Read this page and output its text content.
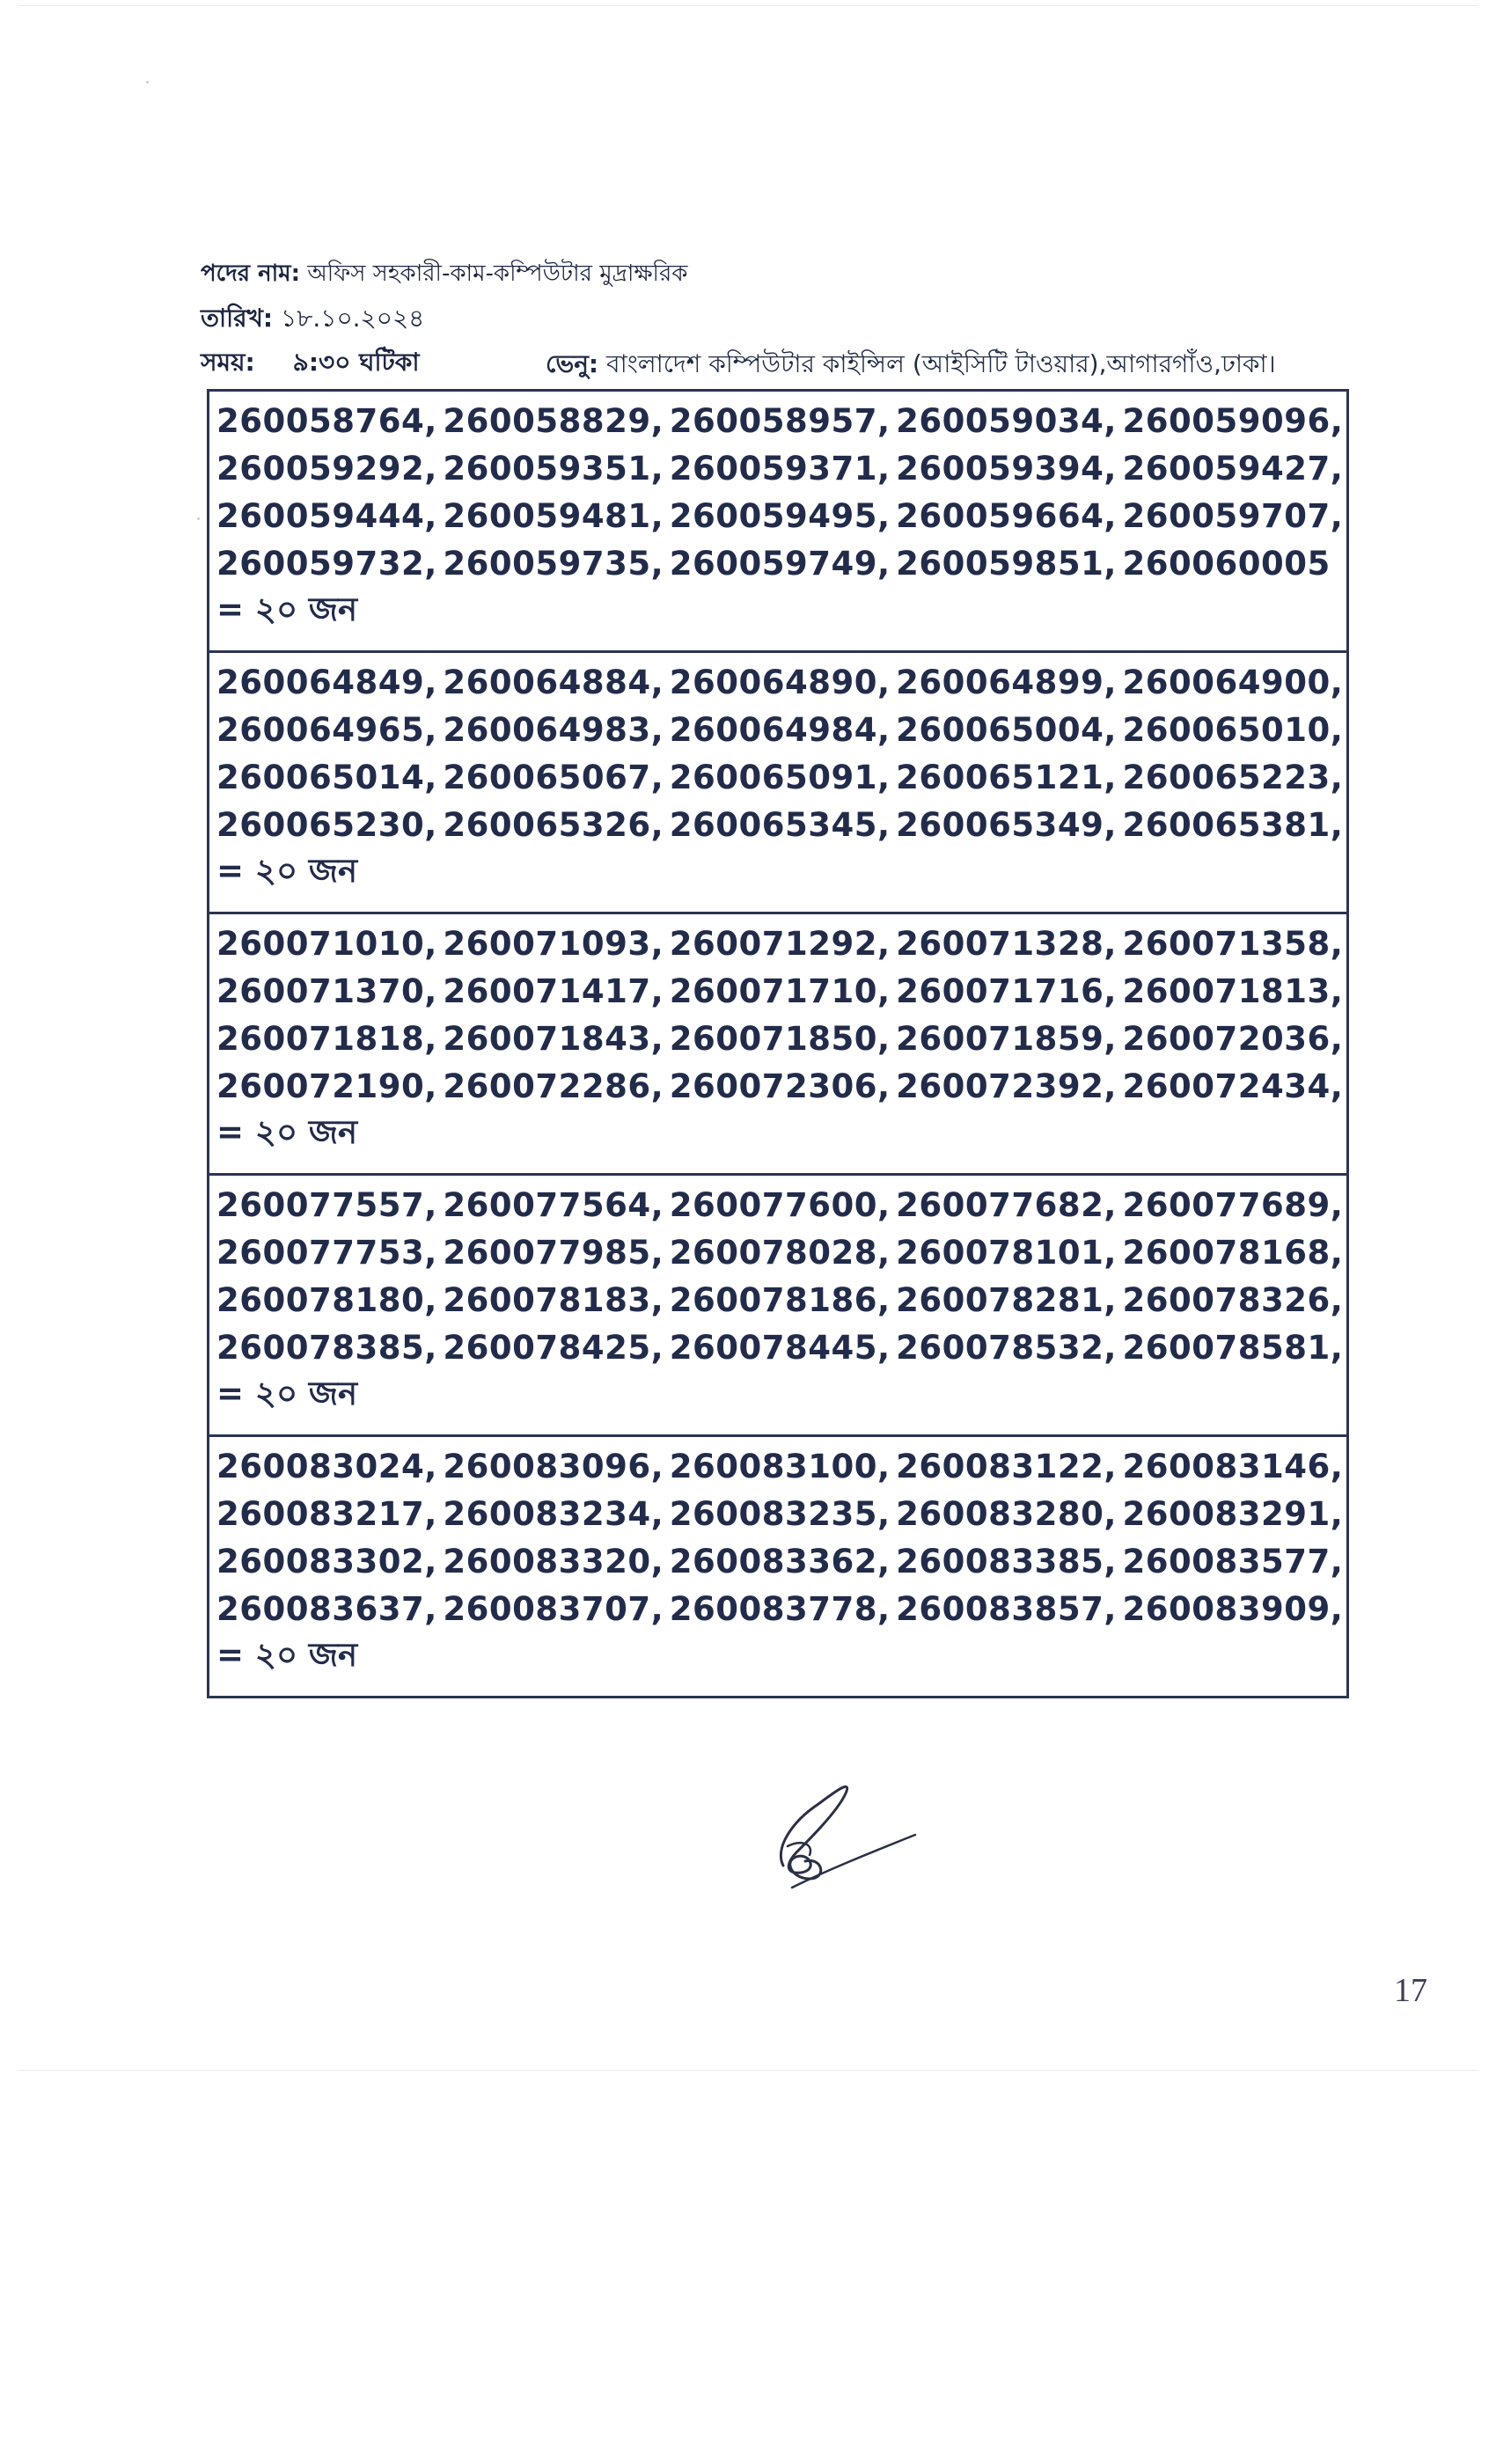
পদের নাম: অফিস সহকারী-কাম-কম্পিউটার মুদ্রাক্ষরিক
তারিখ: ১৮.১০.২০২৪
সময়: ৯:৩০ ঘটিকা	ভেনু: বাংলাদেশ কম্পিউটার কাইন্সিল (আইসিটি টাওয়ার),আগারগাঁও,ঢাকা।
260058764, 260058829, 260058957, 260059034, 260059096,
260059292, 260059351, 260059371, 260059394, 260059427,
260059444, 260059481, 260059495, 260059664, 260059707,
260059732, 260059735, 260059749, 260059851, 260060005
= ২০ জন
260064849, 260064884, 260064890, 260064899, 260064900,
260064965, 260064983, 260064984, 260065004, 260065010,
260065014, 260065067, 260065091, 260065121, 260065223,
260065230, 260065326, 260065345, 260065349, 260065381,
= ২০ জন
260071010, 260071093, 260071292, 260071328, 260071358,
260071370, 260071417, 260071710, 260071716, 260071813,
260071818, 260071843, 260071850, 260071859, 260072036,
260072190, 260072286, 260072306, 260072392, 260072434,
= ২০ জন
260077557, 260077564, 260077600, 260077682, 260077689,
260077753, 260077985, 260078028, 260078101, 260078168,
260078180, 260078183, 260078186, 260078281, 260078326,
260078385, 260078425, 260078445, 260078532, 260078581,
= ২০ জন
260083024, 260083096, 260083100, 260083122, 260083146,
260083217, 260083234, 260083235, 260083280, 260083291,
260083302, 260083320, 260083362, 260083385, 260083577,
260083637, 260083707, 260083778, 260083857, 260083909,
= ২০ জন
17
